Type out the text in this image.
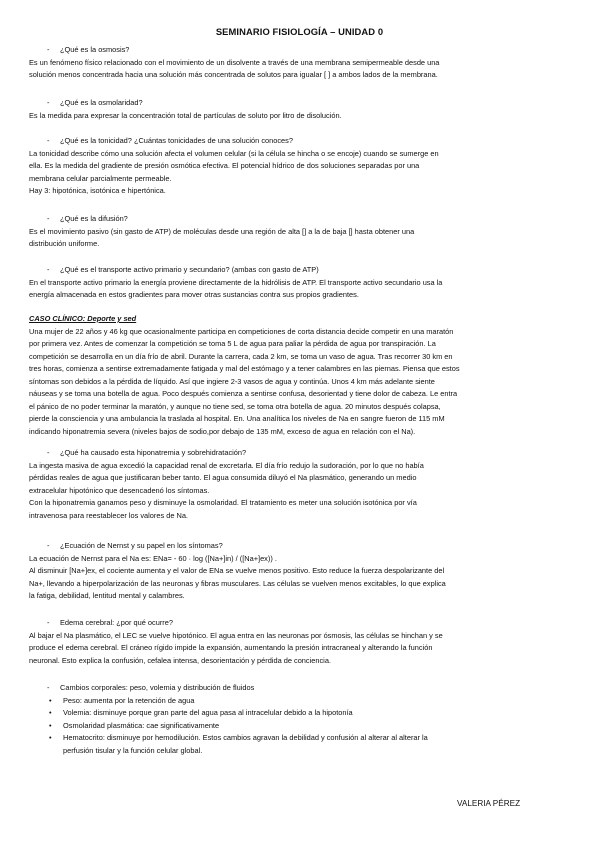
SEMINARIO FISIOLOGÍA – UNIDAD 0
- ¿Qué es la osmosis?

Es un fenómeno físico relacionado con el movimiento de un disolvente a través de una membrana semipermeable desde una

solución menos concentrada hacia una solución más concentrada de solutos para igualar [ ] a ambos lados de la membrana.

- ¿Qué es la osmolaridad?

Es la medida para expresar la concentración total de partículas de soluto por litro de disolución.

- ¿Qué es la tonicidad? ¿Cuántas tonicidades de una solución conoces?

La tonicidad describe cómo una solución afecta el volumen celular (si la célula se hincha o se encoje) cuando se sumerge en

ella. Es la medida del gradiente de presión osmótica efectiva. El potencial hídrico de dos soluciones separadas por una

membrana celular parcialmente permeable.

Hay 3: hipotónica, isotónica e hipertónica.

- ¿Qué es la difusión?

Es el movimiento pasivo (sin gasto de ATP) de moléculas desde una región de alta [] a la de baja [] hasta obtener una

distribución uniforme.

- ¿Qué es el transporte activo primario y secundario? (ambas con gasto de ATP)

En el transporte activo primario la energía proviene directamente de la hidrólisis de ATP. El transporte activo secundario usa la

energía almacenada en estos gradientes para mover otras sustancias contra sus propios gradientes.

CASO CLÍNICO: Deporte y sed

Una mujer de 22 años y 46 kg que ocasionalmente participa en competiciones de corta distancia decide competir en una maratón

por primera vez. Antes de comenzar la competición se toma 5 L de agua para paliar la pérdida de agua por transpiración. La

competición se desarrolla en un día frío de abril. Durante la carrera, cada 2 km, se toma un vaso de agua. Tras recorrer 30 km en

tres horas, comienza a sentirse extremadamente fatigada y mal del estómago y a tener calambres en las piernas. Piensa que estos

síntomas son debidos a la pérdida de líquido. Así que ingiere 2-3 vasos de agua y continúa. Unos 4 km más adelante siente

náuseas y se toma una botella de agua. Poco después comienza a sentirse confusa, desorientad y tiene dolor de cabeza. Le entra

el pánico de no poder terminar la maratón, y aunque no tiene sed, se toma otra botella de agua. 20 minutos después colapsa,

pierde la consciencia y una ambulancia la traslada al hospital. En. Una analítica los niveles de Na en sangre fueron de 115 mM

indicando hiponatremia severa (niveles bajos de sodio,por debajo de 135 mM, exceso de agua en relación con el Na).

- ¿Qué ha causado esta hiponatremia y sobrehidratación?

La ingesta masiva de agua excedió la capacidad renal de excretarla. El día frío redujo la sudoración, por lo que no había

pérdidas reales de agua que justificaran beber tanto. El agua consumida diluyó el Na plasmático, generando un medio

extracelular hipotónico que desencadenó los síntomas.

Con la hiponatremia ganamos peso y disminuye la osmolaridad. El tratamiento es meter una solución isotónica por vía

intravenosa para reestablecer los valores de Na.

- ¿Ecuación de Nernst y su papel en los síntomas?

La ecuación de Nernst para el Na es: ENa= - 60 · log ([Na+]in) / ([Na+]ex)) .

Al disminuir [Na+]ex, el cociente aumenta y el valor de ENa se vuelve menos positivo. Esto reduce la fuerza despolarizante del

Na+, llevando a hiperpolarización de las neuronas y fibras musculares. Las células se vuelven menos excitables, lo que explica

la fatiga, debilidad, lentitud mental y calambres.

- Edema cerebral: ¿por qué ocurre?

Al bajar el Na plasmático, el LEC se vuelve hipotónico. El agua entra en las neuronas por ósmosis, las células se hinchan y se

produce el edema cerebral. El cráneo rígido impide la expansión, aumentando la presión intracraneal y alterando la función

neuronal. Esto explica la confusión, cefalea intensa, desorientación y pérdida de conciencia.

- Cambios corporales: peso, volemia y distribución de fluidos
• Peso: aumenta por la retención de agua
• Volemia: disminuye porque gran parte del agua pasa al intracelular debido a la hipotonía
• Osmolaridad plasmática: cae significativamente
• Hematocrito: disminuye por hemodilución. Estos cambios agravan la debilidad y confusión al alterar al alterar la
perfusión tisular y la función celular global.
VALERIA PÉREZ
